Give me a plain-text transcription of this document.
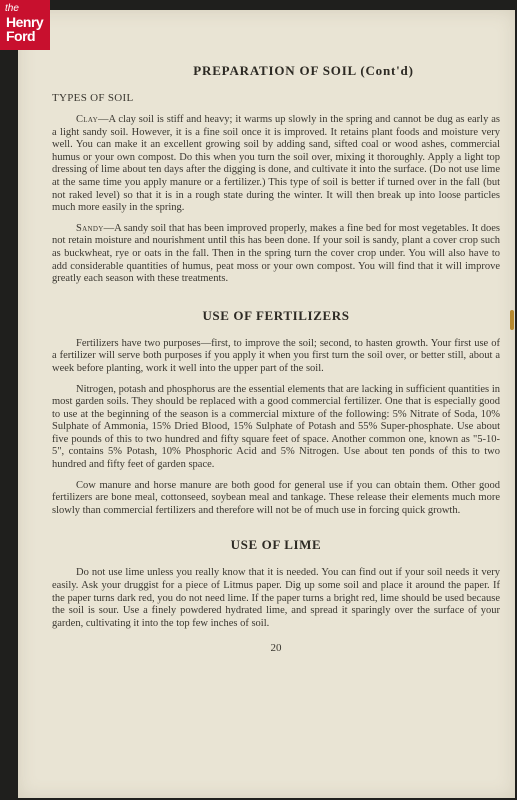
the
Henry
Ford
PREPARATION OF SOIL (Cont'd)
TYPES OF SOIL

Clay—A clay soil is stiff and heavy; it warms up slowly in the spring and cannot be dug as early as a light sandy soil. However, it is a fine soil once it is improved. It retains plant foods and moisture very well. You can make it an excellent growing soil by adding sand, sifted coal or wood ashes, commercial humus or your own compost. Do this when you turn the soil over, mixing it thoroughly. Apply a light top dressing of lime about ten days after the digging is done, and cultivate it into the surface. (Do not use lime at the same time you apply manure or a fertilizer.) This type of soil is better if turned over in the fall (but not raked level) so that it is in a rough state during the winter. It will then break up into loose particles much more easily in the spring.

Sandy—A sandy soil that has been improved properly, makes a fine bed for most vegetables. It does not retain moisture and nourishment until this has been done. If your soil is sandy, plant a cover crop such as buckwheat, rye or oats in the fall. Then in the spring turn the cover crop under. You will also have to add considerable quantities of humus, peat moss or your own compost. You will find that it will improve greatly each season with these treatments.

USE OF FERTILIZERS

Fertilizers have two purposes—first, to improve the soil; second, to hasten growth. Your first use of a fertilizer will serve both purposes if you apply it when you first turn the soil over, or better still, about a week before planting, work it well into the upper part of the soil.

Nitrogen, potash and phosphorus are the essential elements that are lacking in sufficient quantities in most garden soils. They should be replaced with a good commercial fertilizer. One that is especially good to use at the beginning of the season is a commercial mixture of the following: 5% Nitrate of Soda, 10% Sulphate of Ammonia, 15% Dried Blood, 15% Sulphate of Potash and 55% Super-phosphate. Use about five pounds of this to two hundred and fifty square feet of space. Another common one, known as "5-10-5", contains 5% Potash, 10% Phosphoric Acid and 5% Nitrogen. Use about ten ponds of this to two hundred and fifty feet of garden space.

Cow manure and horse manure are both good for general use if you can obtain them. Other good fertilizers are bone meal, cottonseed, soybean meal and tankage. These release their elements much more slowly than commercial fertilizers and therefore will not be of much use in forcing quick growth.

USE OF LIME

Do not use lime unless you really know that it is needed. You can find out if your soil needs it very easily. Ask your druggist for a piece of Litmus paper. Dig up some soil and place it around the paper. If the paper turns dark red, you do not need lime. If the paper turns a bright red, lime should be used because the soil is sour. Use a finely powdered hydrated lime, and spread it sparingly over the surface of your garden, cultivating it into the top few inches of soil.

20
